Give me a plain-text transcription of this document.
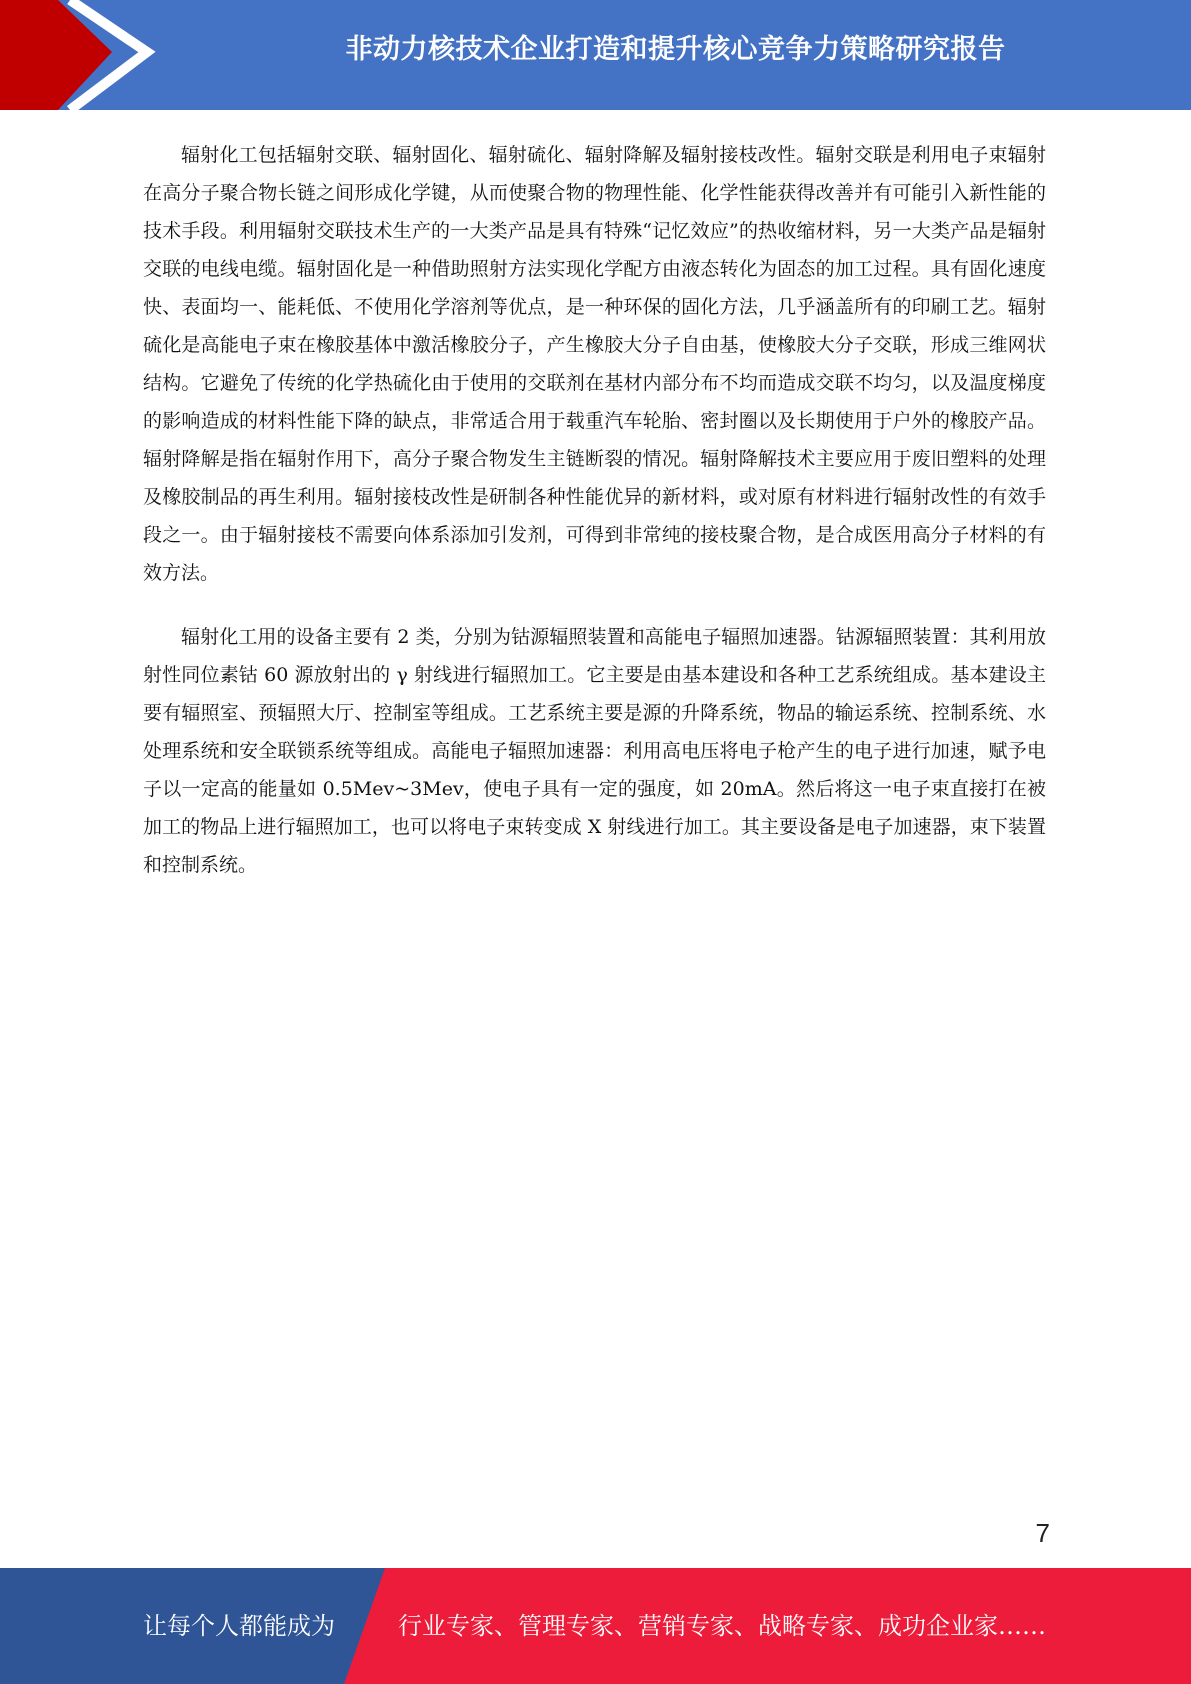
非动力核技术企业打造和提升核心竞争力策略研究报告

辐射化工包括辐射交联、辐射固化、辐射硫化、辐射降解及辐射接枝改性。辐射交联是利用电子束辐射在高分子聚合物长链之间形成化学键，从而使聚合物的物理性能、化学性能获得改善并有可能引入新性能的技术手段。利用辐射交联技术生产的一大类产品是具有特殊“记忆效应”的热收缩材料，另一大类产品是辐射交联的电线电缆。辐射固化是一种借助照射方法实现化学配方由液态转化为固态的加工过程。具有固化速度快、表面均一、能耗低、不使用化学溶剂等优点，是一种环保的固化方法，几乎涵盖所有的印刷工艺。辐射硫化是高能电子束在橡胶基体中激活橡胶分子，产生橡胶大分子自由基，使橡胶大分子交联，形成三维网状结构。它避免了传统的化学热硫化由于使用的交联剂在基材内部分布不均而造成交联不均匀，以及温度梯度的影响造成的材料性能下降的缺点，非常适合用于载重汽车轮胎、密封圈以及长期使用于户外的橡胶产品。辐射降解是指在辐射作用下，高分子聚合物发生主链断裂的情况。辐射降解技术主要应用于废旧塑料的处理及橡胶制品的再生利用。辐射接枝改性是研制各种性能优异的新材料，或对原有材料进行辐射改性的有效手段之一。由于辐射接枝不需要向体系添加引发剂，可得到非常纯的接枝聚合物，是合成医用高分子材料的有效方法。

辐射化工用的设备主要有 2 类，分别为钴源辐照装置和高能电子辐照加速器。钴源辐照装置：其利用放射性同位素钴 60 源放射出的 γ 射线进行辐照加工。它主要是由基本建设和各种工艺系统组成。基本建设主要有辐照室、预辐照大厅、控制室等组成。工艺系统主要是源的升降系统，物品的输运系统、控制系统、水处理系统和安全联锁系统等组成。高能电子辐照加速器：利用高电压将电子枪产生的电子进行加速，赋予电子以一定高的能量如 0.5Mev~3Mev，使电子具有一定的强度，如 20mA。然后将这一电子束直接打在被加工的物品上进行辐照加工，也可以将电子束转变成 X 射线进行加工。其主要设备是电子加速器，束下装置和控制系统。

7
让每个人都能成为	行业专家、管理专家、营销专家、战略专家、成功企业家……
